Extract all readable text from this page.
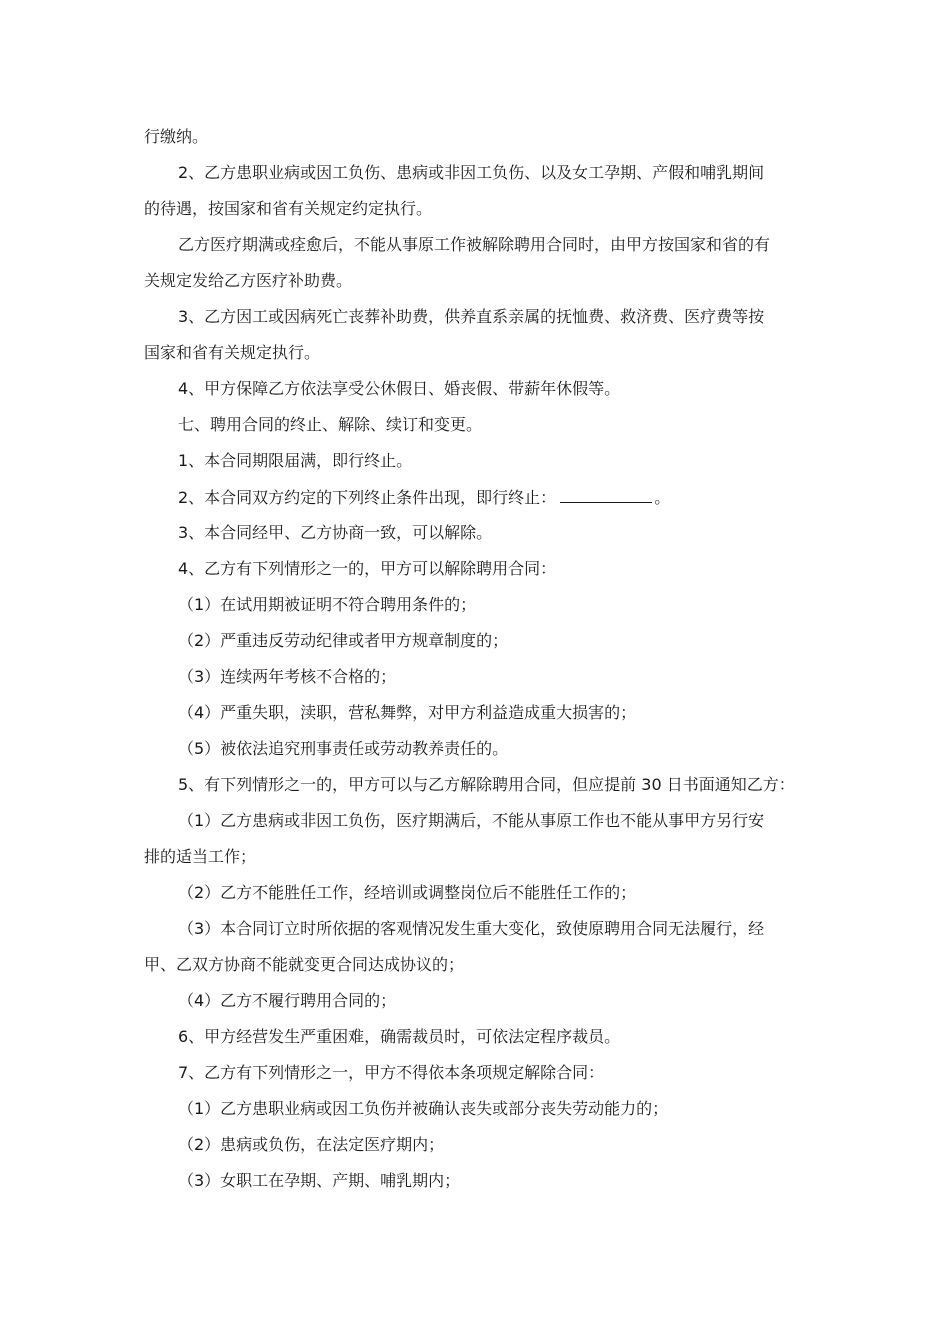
行缴纳。
2、乙方患职业病或因工负伤、患病或非因工负伤、以及女工孕期、产假和哺乳期间
的待遇，按国家和省有关规定约定执行。
乙方医疗期满或痊愈后，不能从事原工作被解除聘用合同时，由甲方按国家和省的有
关规定发给乙方医疗补助费。
3、乙方因工或因病死亡丧葬补助费，供养直系亲属的抚恤费、救济费、医疗费等按
国家和省有关规定执行。
4、甲方保障乙方依法享受公休假日、婚丧假、带薪年休假等。
七、聘用合同的终止、解除、续订和变更。
1、本合同期限届满，即行终止。
2、本合同双方约定的下列终止条件出现，即行终止：	。
3、本合同经甲、乙方协商一致，可以解除。
4、乙方有下列情形之一的，甲方可以解除聘用合同：
（1）在试用期被证明不符合聘用条件的；
（2）严重违反劳动纪律或者甲方规章制度的；
（3）连续两年考核不合格的；
（4）严重失职，渎职，营私舞弊，对甲方利益造成重大损害的；
（5）被依法追究刑事责任或劳动教养责任的。
5、有下列情形之一的，甲方可以与乙方解除聘用合同，但应提前 30 日书面通知乙方：
（1）乙方患病或非因工负伤，医疗期满后，不能从事原工作也不能从事甲方另行安
排的适当工作；
（2）乙方不能胜任工作，经培训或调整岗位后不能胜任工作的；
（3）本合同订立时所依据的客观情况发生重大变化，致使原聘用合同无法履行，经
甲、乙双方协商不能就变更合同达成协议的；
（4）乙方不履行聘用合同的；
6、甲方经营发生严重困难，确需裁员时，可依法定程序裁员。
7、乙方有下列情形之一，甲方不得依本条项规定解除合同：
（1）乙方患职业病或因工负伤并被确认丧失或部分丧失劳动能力的；
（2）患病或负伤，在法定医疗期内；
（3）女职工在孕期、产期、哺乳期内；
